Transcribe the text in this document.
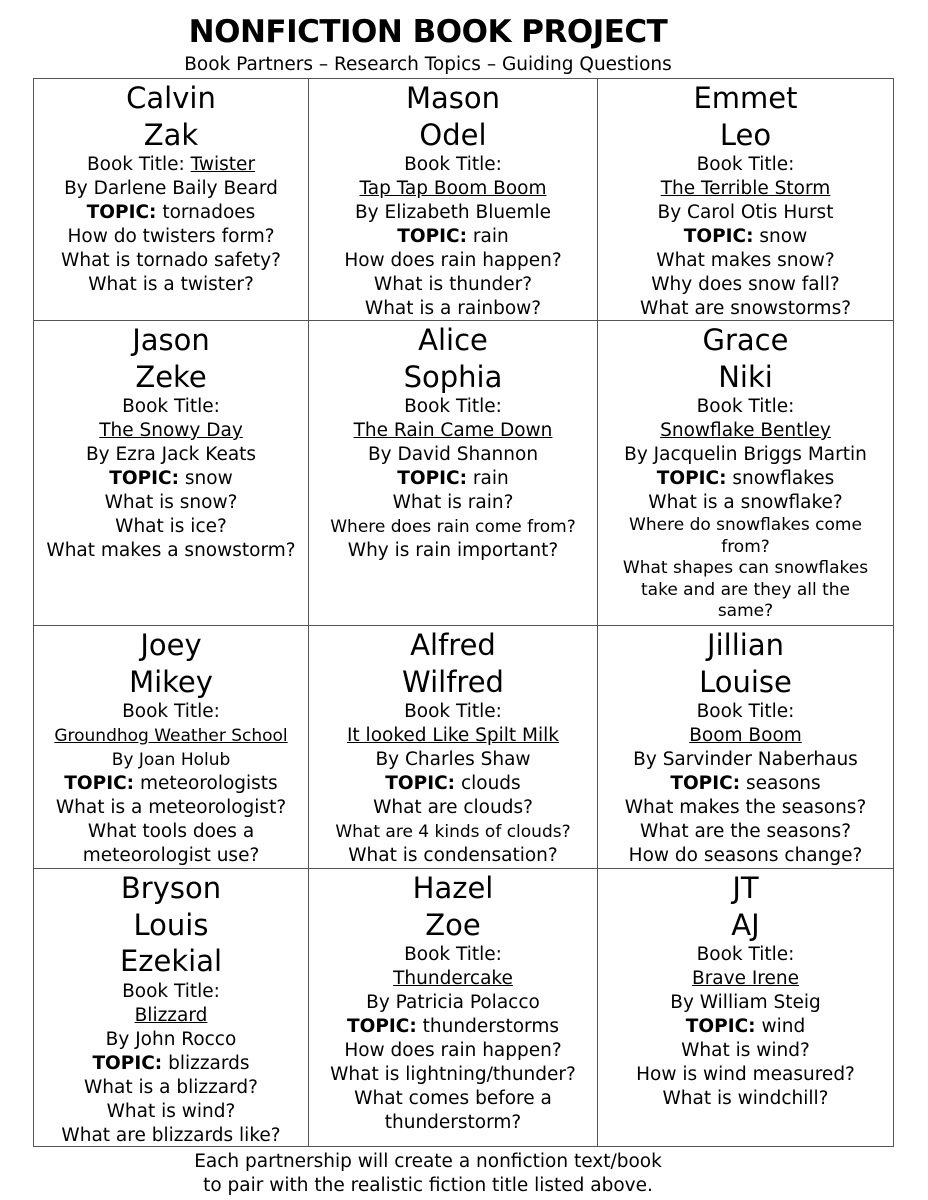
NONFICTION BOOK PROJECT
Book Partners – Research Topics – Guiding Questions
Calvin
Zak
Book Title: Twister
By Darlene Baily Beard
TOPIC: tornadoes
How do twisters form?
What is tornado safety?
What is a twister?
Mason
Odel
Book Title:
Tap Tap Boom Boom
By Elizabeth Bluemle
TOPIC: rain
How does rain happen?
What is thunder?
What is a rainbow?
Emmet
Leo
Book Title:
The Terrible Storm
By Carol Otis Hurst
TOPIC: snow
What makes snow?
Why does snow fall?
What are snowstorms?
Jason
Zeke
Book Title:
The Snowy Day
By Ezra Jack Keats
TOPIC: snow
What is snow?
What is ice?
What makes a snowstorm?
Alice
Sophia
Book Title:
The Rain Came Down
By David Shannon
TOPIC: rain
What is rain?
Where does rain come from?
Why is rain important?
Grace
Niki
Book Title:
Snowflake Bentley
By Jacquelin Briggs Martin
TOPIC: snowflakes
What is a snowflake?
Where do snowflakes come from?
What shapes can snowflakes take and are they all the same?
Joey
Mikey
Book Title:
Groundhog Weather School
By Joan Holub
TOPIC: meteorologists
What is a meteorologist?
What tools does a meteorologist use?
Alfred
Wilfred
Book Title:
It looked Like Spilt Milk
By Charles Shaw
TOPIC: clouds
What are clouds?
What are 4 kinds of clouds?
What is condensation?
Jillian
Louise
Book Title:
Boom Boom
By Sarvinder Naberhaus
TOPIC: seasons
What makes the seasons?
What are the seasons?
How do seasons change?
Bryson
Louis
Ezekial
Book Title:
Blizzard
By John Rocco
TOPIC: blizzards
What is a blizzard?
What is wind?
What are blizzards like?
Hazel
Zoe
Book Title:
Thundercake
By Patricia Polacco
TOPIC: thunderstorms
How does rain happen?
What is lightning/thunder?
What comes before a thunderstorm?
JT
AJ
Book Title:
Brave Irene
By William Steig
TOPIC: wind
What is wind?
How is wind measured?
What is windchill?
Each partnership will create a nonfiction text/book
to pair with the realistic fiction title listed above.
